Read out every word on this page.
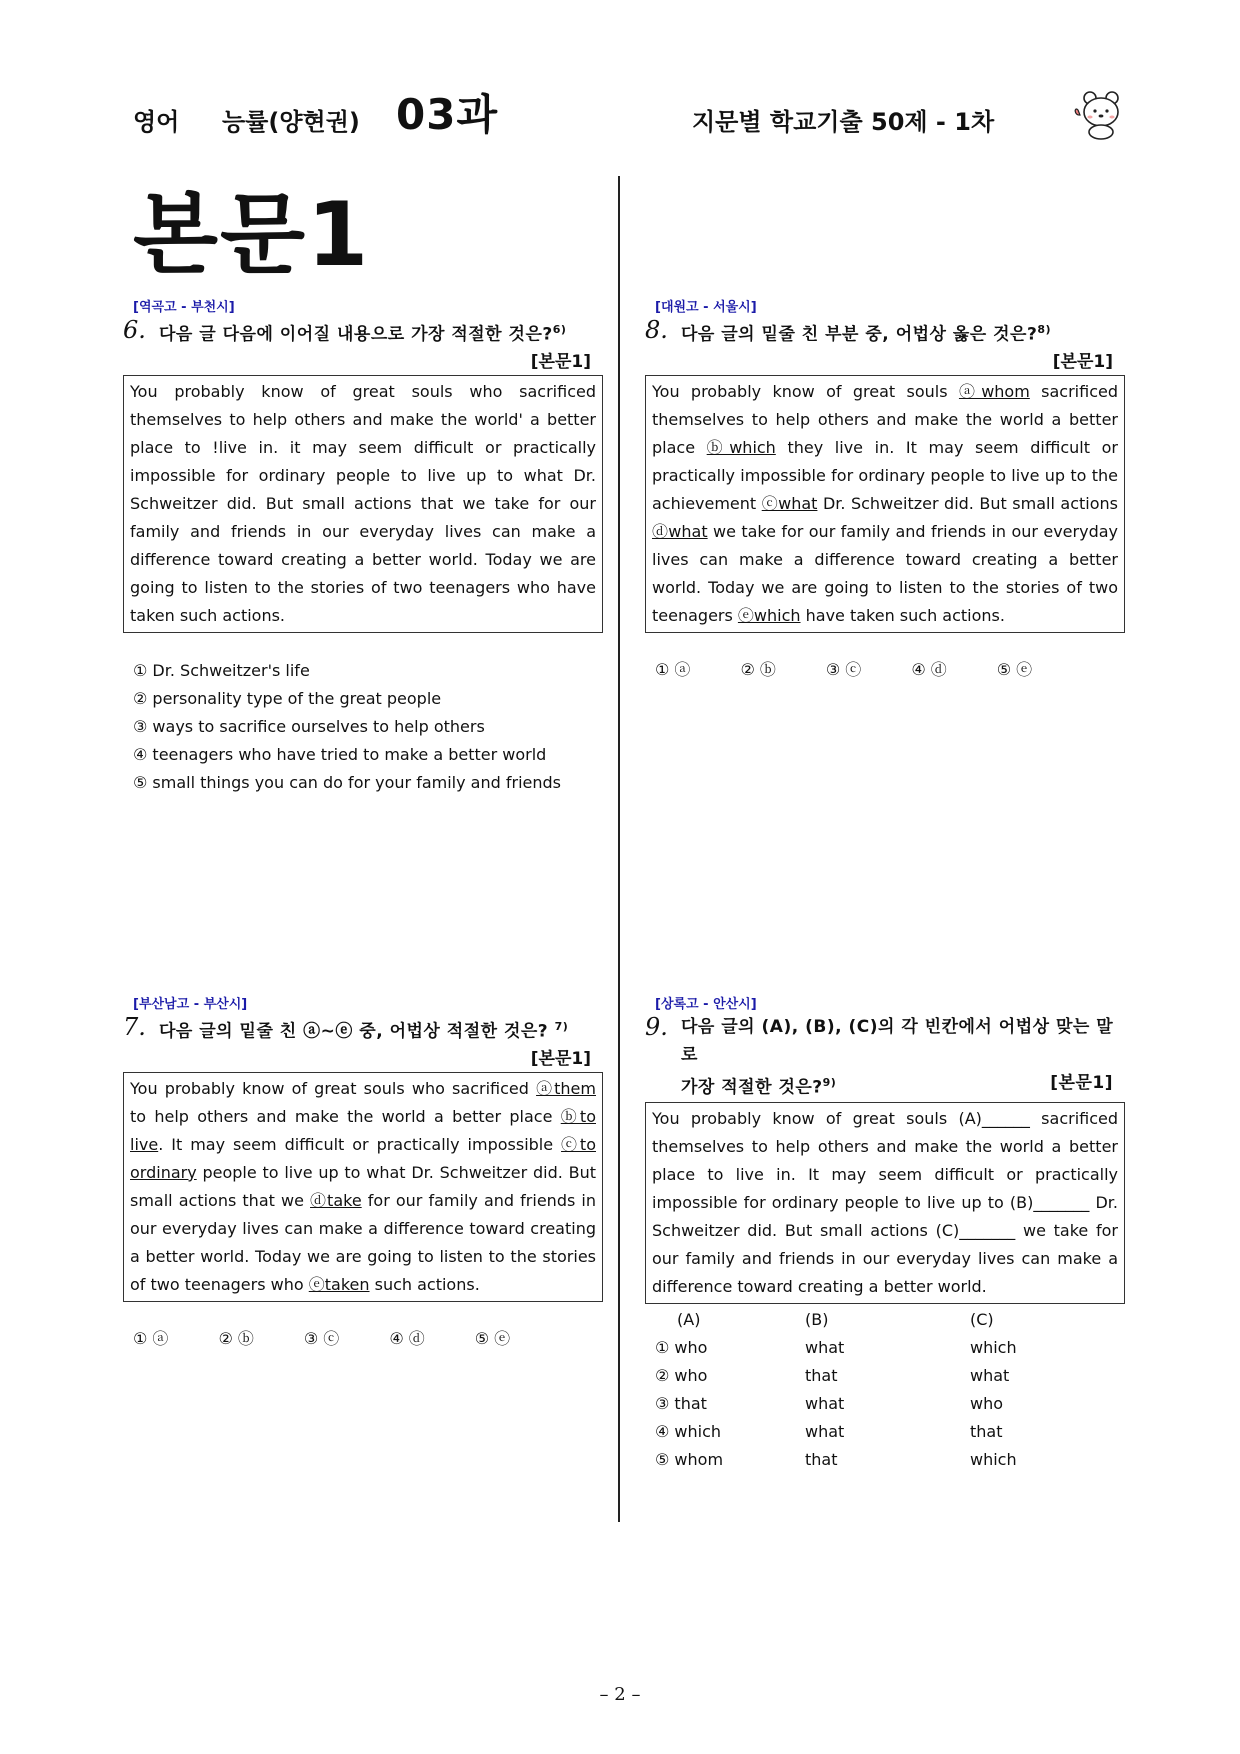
영어 능률(양현권) 03과	지문별 학교기출 50제 - 1차
본문1
[역곡고 - 부천시]
6. 다음 글 다음에 이어질 내용으로 가장 적절한 것은?$^{6)}$
[본문1]
You probably know of great souls who sacrificed themselves to help others and make the world' a better place to !live in. it may seem difficult or practically impossible for ordinary people to live up to what Dr. Schweitzer did. But small actions that we take for our family and friends in our everyday lives can make a difference toward creating a better world. Today we are going to listen to the stories of two teenagers who have taken such actions.
① Dr. Schweitzer's life
② personality type of the great people
③ ways to sacrifice ourselves to help others
④ teenagers who have tried to make a better world
⑤ small things you can do for your family and friends
[부산남고 - 부산시]
7. 다음 글의 밑줄 친 ⓐ~ⓔ 중, 어법상 적절한 것은? $^{7)}$
[본문1]
You probably know of great souls who sacrificed ⓐthem to help others and make the world a better place ⓑto live. It may seem difficult or practically impossible ⓒto ordinary people to live up to what Dr. Schweitzer did. But small actions that we ⓓtake for our family and friends in our everyday lives can make a difference toward creating a better world. Today we are going to listen to the stories of two teenagers who ⓔtaken such actions.
① ⓐ	② ⓑ	③ ⓒ	④ ⓓ	⑤ ⓔ
[대원고 - 서울시]
8. 다음 글의 밑줄 친 부분 중, 어법상 옳은 것은?$^{8)}$
[본문1]
You probably know of great souls ⓐwhom sacrificed themselves to help others and make the world a better place ⓑwhich they live in. It may seem difficult or practically impossible for ordinary people to live up to the achievement ⓒwhat Dr. Schweitzer did. But small actions ⓓwhat we take for our family and friends in our everyday lives can make a difference toward creating a better world. Today we are going to listen to the stories of two teenagers ⓔwhich have taken such actions.
① ⓐ	② ⓑ	③ ⓒ	④ ⓓ	⑤ ⓔ
[상록고 - 안산시]
9. 다음 글의 (A), (B), (C)의 각 빈칸에서 어법상 맞는 말로
가장 적절한 것은?$^{9)}$	[본문1]
You probably know of great souls (A)______ sacrificed themselves to help others and make the world a better place to live in. It may seem difficult or practically impossible for ordinary people to live up to (B)_______ Dr. Schweitzer did. But small actions (C)_______ we take for our family and friends in our everyday lives can make a difference toward creating a better world.
(A)	(B)	(C)
① who	what	which
② who	that	what
③ that	what	who
④ which	what	that
⑤ whom	that	which
– 2 –
